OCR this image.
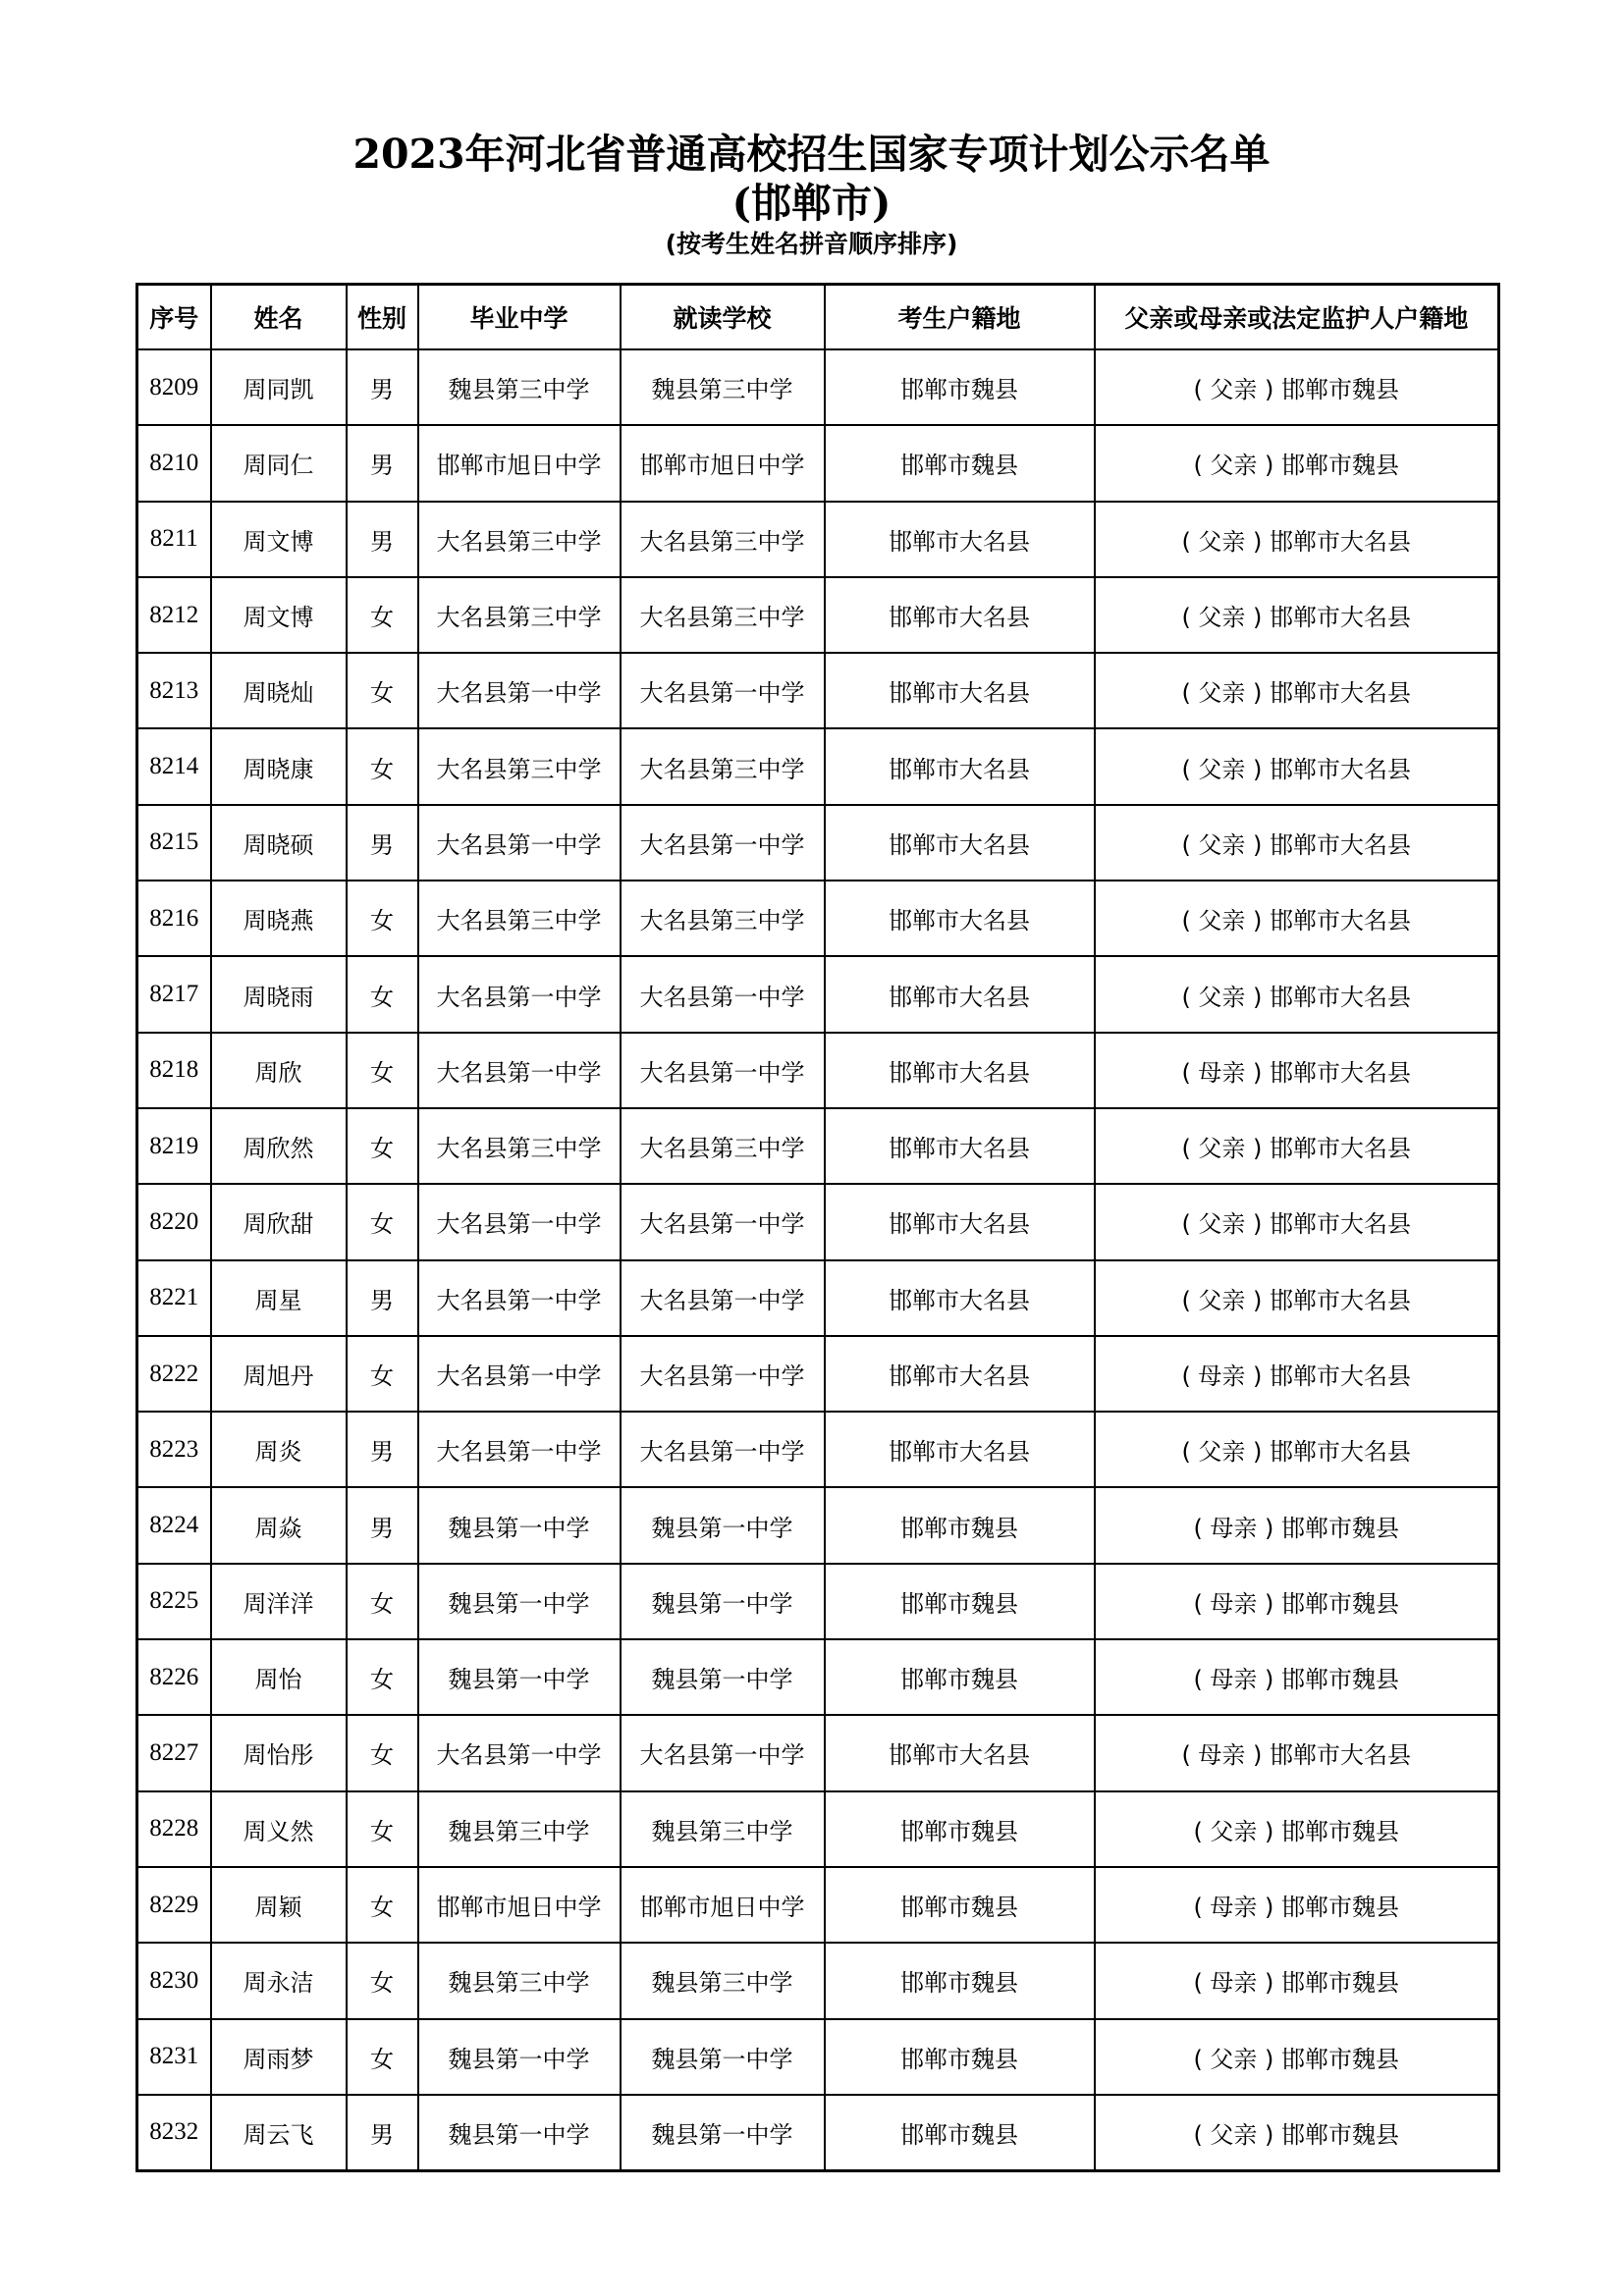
2023年河北省普通高校招生国家专项计划公示名单
(邯郸市)
(按考生姓名拼音顺序排序)
序号	姓名	性别	毕业中学	就读学校	考生户籍地	父亲或母亲或法定监护人户籍地
8209	周同凯	男	魏县第三中学	魏县第三中学	邯郸市魏县	( 父亲 ) 邯郸市魏县
8210	周同仁	男	邯郸市旭日中学	邯郸市旭日中学	邯郸市魏县	( 父亲 ) 邯郸市魏县
8211	周文博	男	大名县第三中学	大名县第三中学	邯郸市大名县	( 父亲 ) 邯郸市大名县
8212	周文博	女	大名县第三中学	大名县第三中学	邯郸市大名县	( 父亲 ) 邯郸市大名县
8213	周晓灿	女	大名县第一中学	大名县第一中学	邯郸市大名县	( 父亲 ) 邯郸市大名县
8214	周晓康	女	大名县第三中学	大名县第三中学	邯郸市大名县	( 父亲 ) 邯郸市大名县
8215	周晓硕	男	大名县第一中学	大名县第一中学	邯郸市大名县	( 父亲 ) 邯郸市大名县
8216	周晓燕	女	大名县第三中学	大名县第三中学	邯郸市大名县	( 父亲 ) 邯郸市大名县
8217	周晓雨	女	大名县第一中学	大名县第一中学	邯郸市大名县	( 父亲 ) 邯郸市大名县
8218	周欣	女	大名县第一中学	大名县第一中学	邯郸市大名县	( 母亲 ) 邯郸市大名县
8219	周欣然	女	大名县第三中学	大名县第三中学	邯郸市大名县	( 父亲 ) 邯郸市大名县
8220	周欣甜	女	大名县第一中学	大名县第一中学	邯郸市大名县	( 父亲 ) 邯郸市大名县
8221	周星	男	大名县第一中学	大名县第一中学	邯郸市大名县	( 父亲 ) 邯郸市大名县
8222	周旭丹	女	大名县第一中学	大名县第一中学	邯郸市大名县	( 母亲 ) 邯郸市大名县
8223	周炎	男	大名县第一中学	大名县第一中学	邯郸市大名县	( 父亲 ) 邯郸市大名县
8224	周焱	男	魏县第一中学	魏县第一中学	邯郸市魏县	( 母亲 ) 邯郸市魏县
8225	周洋洋	女	魏县第一中学	魏县第一中学	邯郸市魏县	( 母亲 ) 邯郸市魏县
8226	周怡	女	魏县第一中学	魏县第一中学	邯郸市魏县	( 母亲 ) 邯郸市魏县
8227	周怡彤	女	大名县第一中学	大名县第一中学	邯郸市大名县	( 母亲 ) 邯郸市大名县
8228	周义然	女	魏县第三中学	魏县第三中学	邯郸市魏县	( 父亲 ) 邯郸市魏县
8229	周颖	女	邯郸市旭日中学	邯郸市旭日中学	邯郸市魏县	( 母亲 ) 邯郸市魏县
8230	周永洁	女	魏县第三中学	魏县第三中学	邯郸市魏县	( 母亲 ) 邯郸市魏县
8231	周雨梦	女	魏县第一中学	魏县第一中学	邯郸市魏县	( 父亲 ) 邯郸市魏县
8232	周云飞	男	魏县第一中学	魏县第一中学	邯郸市魏县	( 父亲 ) 邯郸市魏县
